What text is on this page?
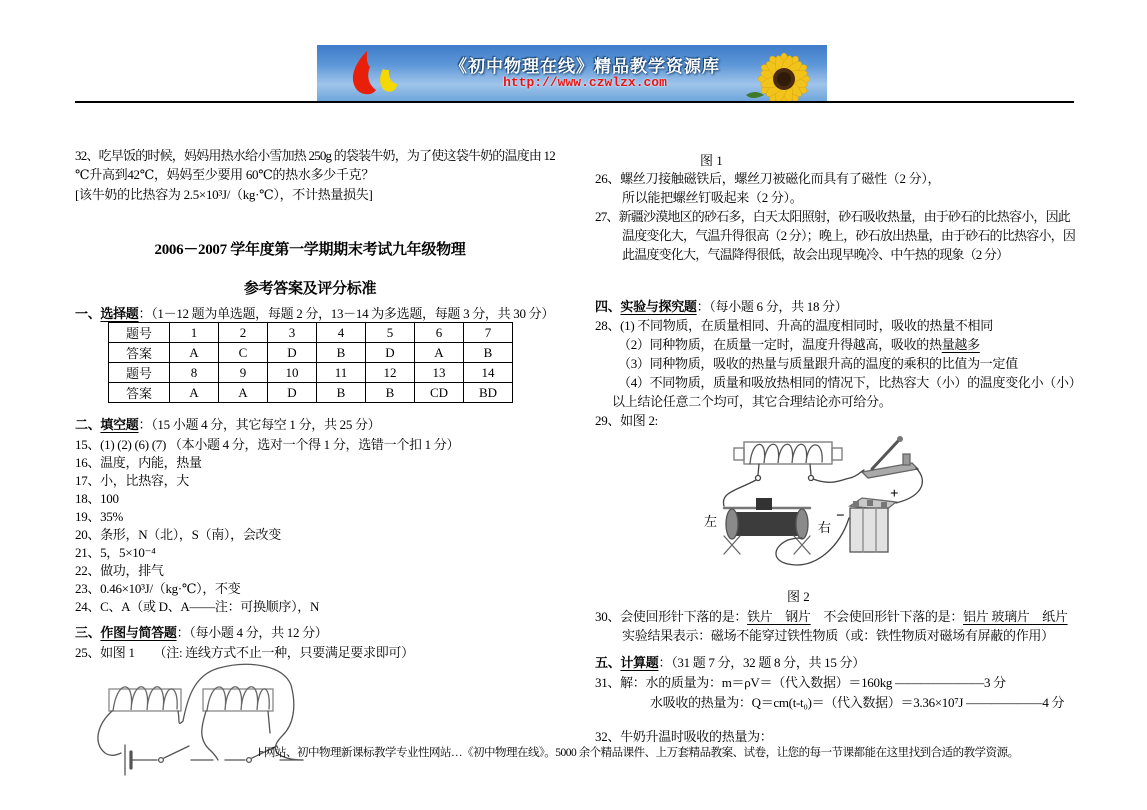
《初中物理在线》精品教学资源库
http://www.czwlzx.com
32、吃早饭的时候，妈妈用热水给小雪加热 250g 的袋装牛奶，为了使这袋牛奶的温度由 12
℃升高到42℃，妈妈至少要用 60℃的热水多少千克？
[该牛奶的比热容为 2.5×10³J/（kg·℃），不计热量损失]
2006－2007 学年度第一学期期末考试九年级物理
参考答案及评分标准
一、选择题：（1－12 题为单选题，每题 2 分，13－14 为多选题，每题 3 分，共 30 分）
题号	1	2	3	4	5	6	7
答案	A	C	D	B	D	A	B
题号	8	9	10	11	12	13	14
答案	A	A	D	B	B	CD	BD
二、填空题：（15 小题 4 分，其它每空 1 分，共 25 分）
15、(1) (2) (6) (7) （本小题 4 分，选对一个得 1 分，选错一个扣 1 分）
16、温度，内能，热量
17、小，比热容，大
18、100
19、35%
20、条形，N（北），S（南），会改变
21、5，5×10⁻⁴
22、做功，排气
23、0.46×10³J/（kg·℃），不变
24、C、A（或 D、A——注：可换顺序），N
三、作图与简答题：（每小题 4 分，共 12 分）
25、如图 1　　（注: 连线方式不止一种，只要满足要求即可）
图 1
26、螺丝刀接触磁铁后，螺丝刀被磁化而具有了磁性（2 分），
所以能把螺丝钉吸起来（2 分）。
27、新疆沙漠地区的砂石多，白天太阳照射，砂石吸收热量，由于砂石的比热容小，因此
温度变化大，气温升得很高（2 分）；晚上，砂石放出热量，由于砂石的比热容小，因
此温度变化大，气温降得很低，故会出现早晚冷、中午热的现象（2 分）
四、实验与探究题：（每小题 6 分，共 18 分）
28、(1) 不同物质，在质量相同、升高的温度相同时，吸收的热量不相同
（2）同种物质，在质量一定时，温度升得越高，吸收的热量越多
（3）同种物质，吸收的热量与质量跟升高的温度的乘积的比值为一定值
（4）不同物质，质量和吸放热相同的情况下，比热容大（小）的温度变化小（小）
以上结论任意二个均可，其它合理结论亦可给分。
29、如图 2:
左	右
−
+
图 2
30、会使回形针下落的是：铁片　钢片　不会使回形针下落的是：铝片 玻璃片　纸片
实验结果表示：磁场不能穿过铁性物质（或：铁性物质对磁场有屏蔽的作用）
五、计算题：（31 题 7 分，32 题 8 分，共 15 分）
31、解：水的质量为：m＝ρV＝（代入数据）＝160kg ———————3 分
水吸收的热量为：Q＝cm(t-t₀)＝（代入数据）＝3.36×10⁷J ——————4 分
32、牛奶升温时吸收的热量为：
⊦网站、初中物理新课标教学专业性网站…《初中物理在线》。5000 余个精品课件、上万套精品教案、试卷，让您的每一节课都能在这里找到合适的教学资源。
